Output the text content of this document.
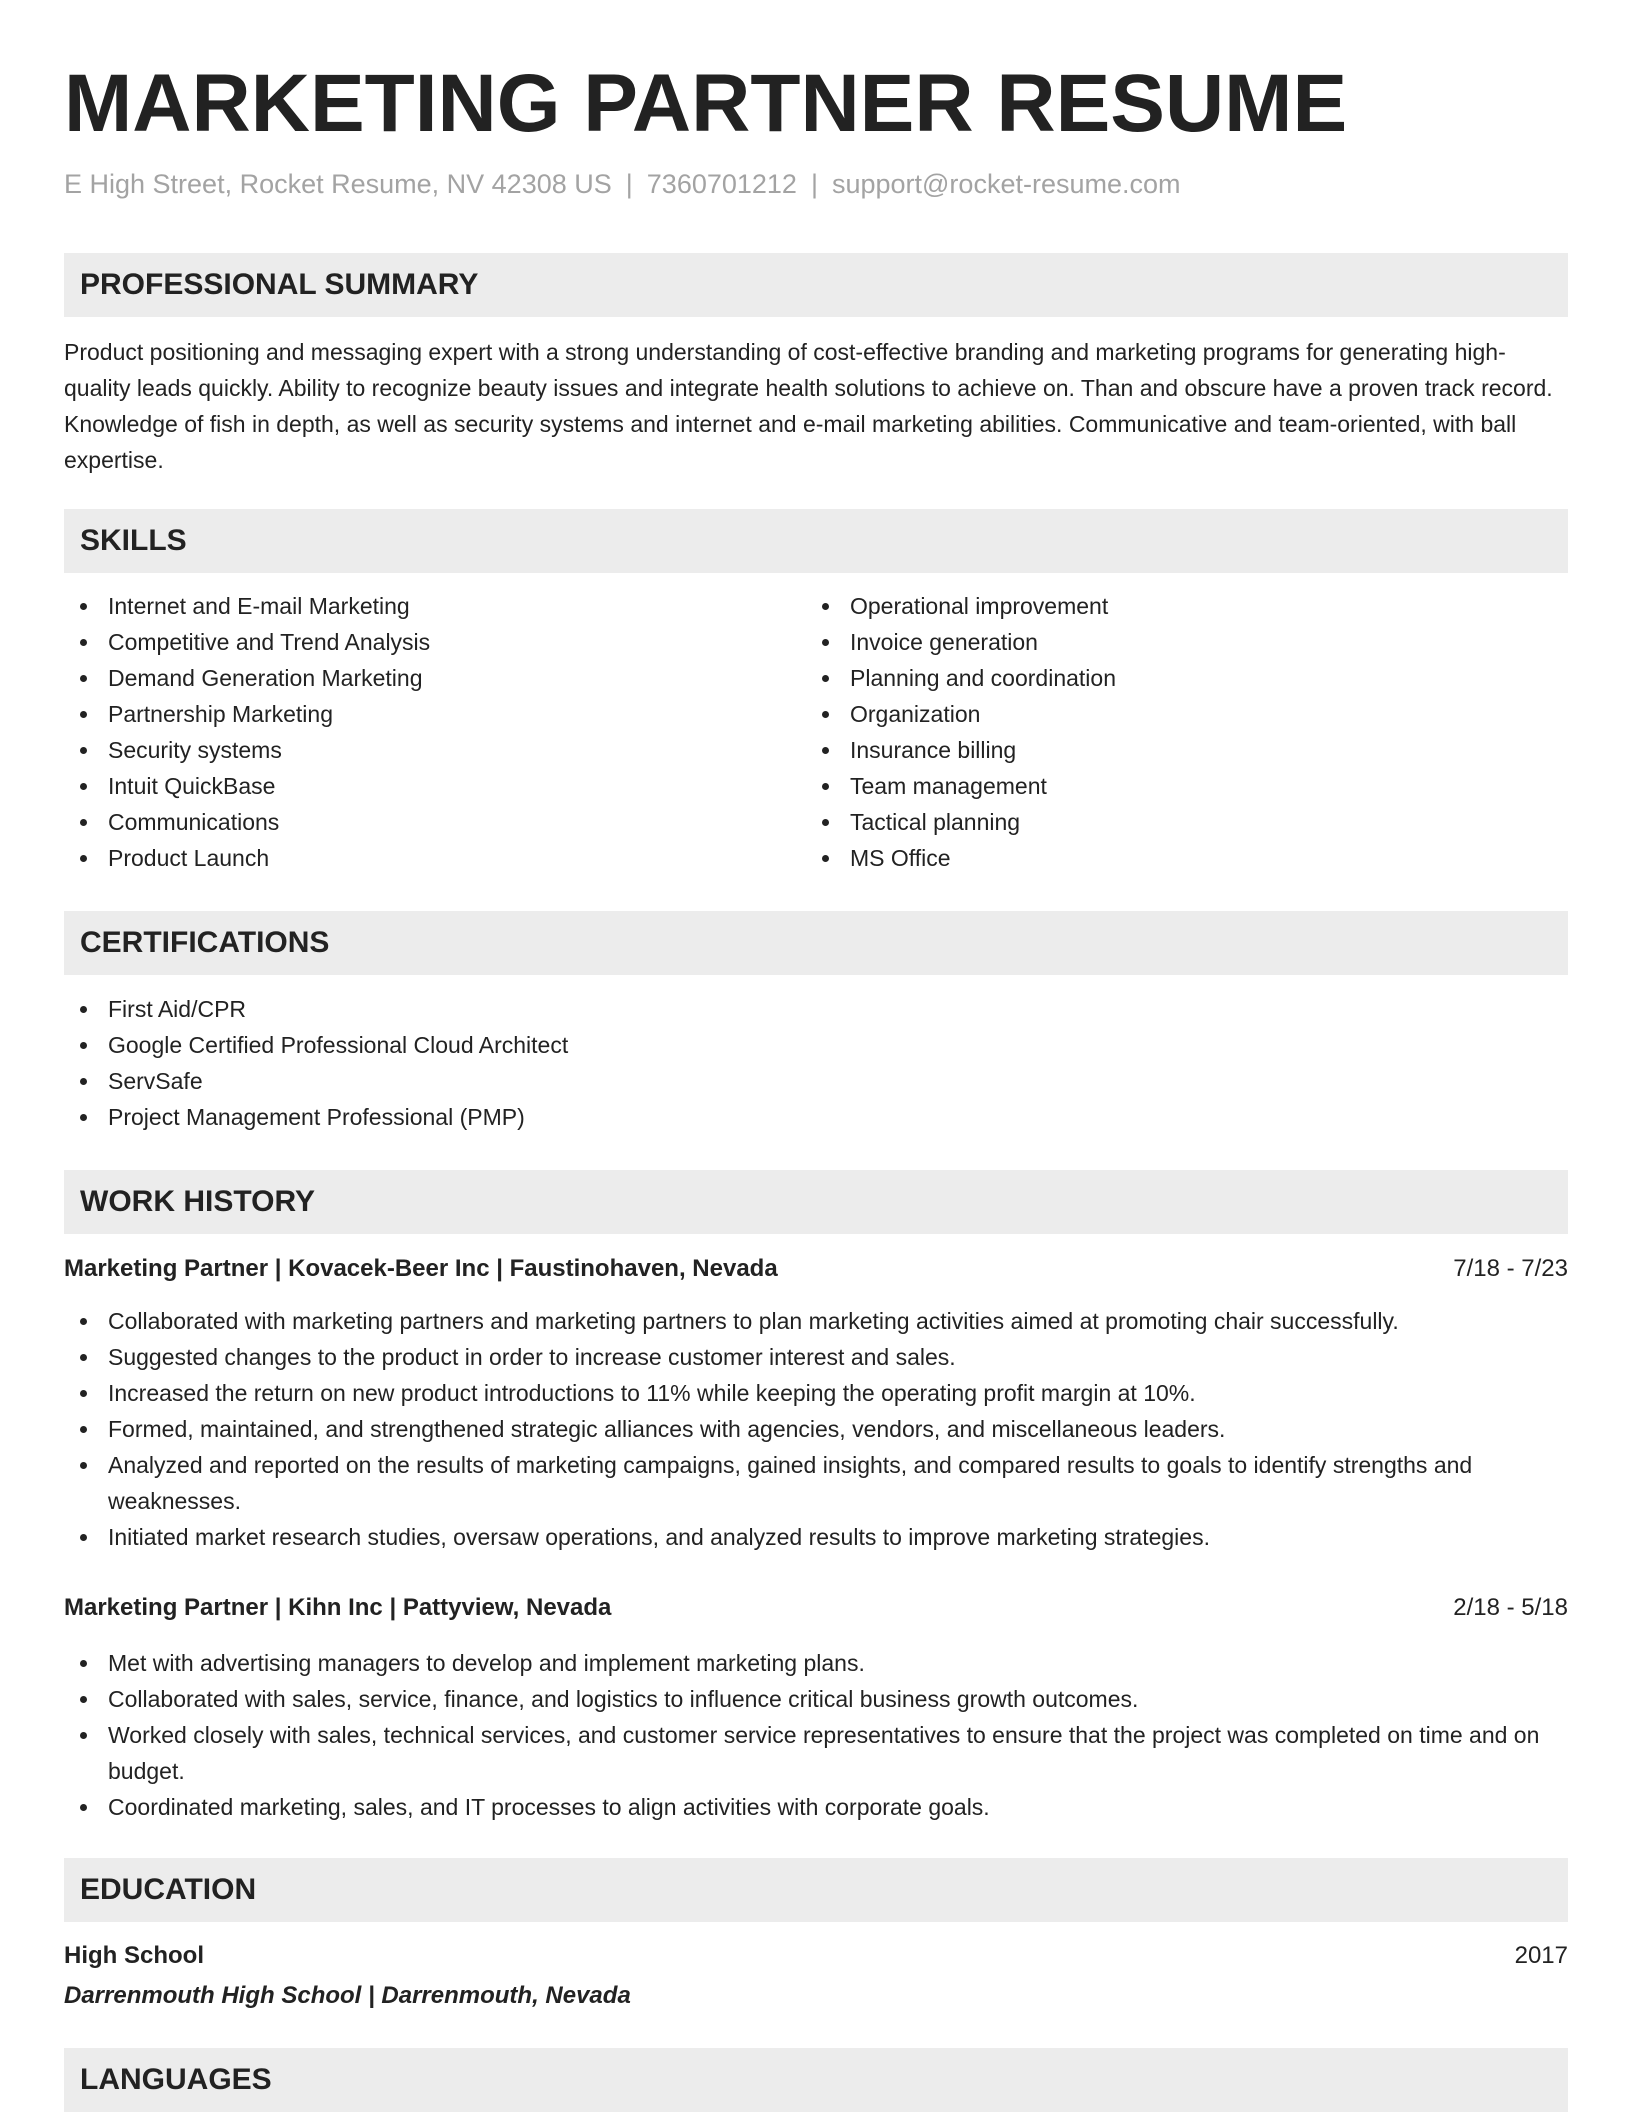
MARKETING PARTNER RESUME
E High Street, Rocket Resume, NV 42308 US | 7360701212 | support@rocket-resume.com
PROFESSIONAL SUMMARY

Product positioning and messaging expert with a strong understanding of cost-effective branding and marketing programs for generating high-quality leads quickly. Ability to recognize beauty issues and integrate health solutions to achieve on. Than and obscure have a proven track record. Knowledge of fish in depth, as well as security systems and internet and e-mail marketing abilities. Communicative and team-oriented, with ball expertise.

SKILLS
Internet and E-mail Marketing
Competitive and Trend Analysis
Demand Generation Marketing
Partnership Marketing
Security systems
Intuit QuickBase
Communications
Product Launch
Operational improvement
Invoice generation
Planning and coordination
Organization
Insurance billing
Team management
Tactical planning
MS Office
CERTIFICATIONS
First Aid/CPR
Google Certified Professional Cloud Architect
ServSafe
Project Management Professional (PMP)
WORK HISTORY
Marketing Partner | Kovacek-Beer Inc | Faustinohaven, Nevada	7/18 - 7/23
Collaborated with marketing partners and marketing partners to plan marketing activities aimed at promoting chair successfully.
Suggested changes to the product in order to increase customer interest and sales.
Increased the return on new product introductions to 11% while keeping the operating profit margin at 10%.
Formed, maintained, and strengthened strategic alliances with agencies, vendors, and miscellaneous leaders.
Analyzed and reported on the results of marketing campaigns, gained insights, and compared results to goals to identify strengths and weaknesses.
Initiated market research studies, oversaw operations, and analyzed results to improve marketing strategies.
Marketing Partner | Kihn Inc | Pattyview, Nevada	2/18 - 5/18
Met with advertising managers to develop and implement marketing plans.
Collaborated with sales, service, finance, and logistics to influence critical business growth outcomes.
Worked closely with sales, technical services, and customer service representatives to ensure that the project was completed on time and on budget.
Coordinated marketing, sales, and IT processes to align activities with corporate goals.
EDUCATION
High School	2017
Darrenmouth High School | Darrenmouth, Nevada
LANGUAGES
